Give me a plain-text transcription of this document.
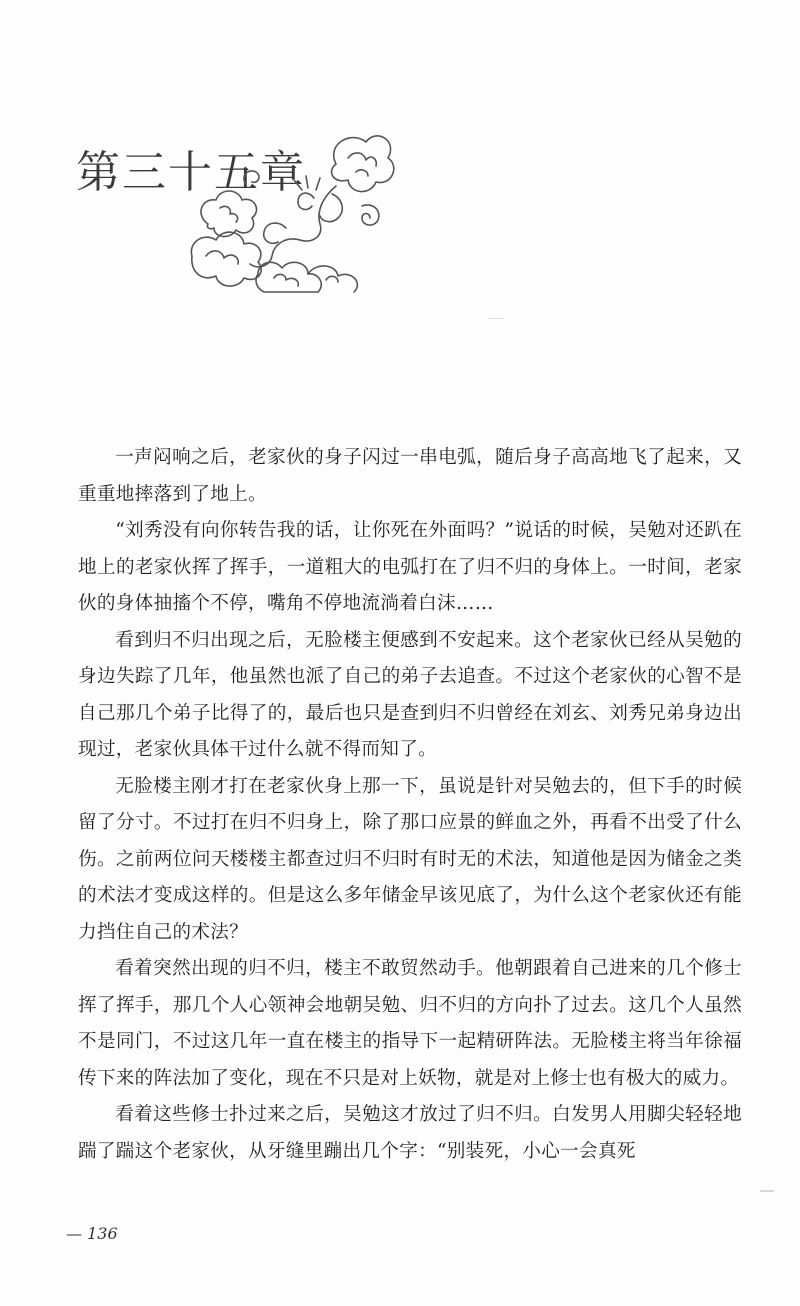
第三十五章

一声闷响之后，老家伙的身子闪过一串电弧，随后身子高高地飞了起来，又重重地摔落到了地上。

“刘秀没有向你转告我的话，让你死在外面吗？”说话的时候，吴勉对还趴在地上的老家伙挥了挥手，一道粗大的电弧打在了归不归的身体上。一时间，老家伙的身体抽搐个不停，嘴角不停地流淌着白沫……

看到归不归出现之后，无脸楼主便感到不安起来。这个老家伙已经从吴勉的身边失踪了几年，他虽然也派了自己的弟子去追查。不过这个老家伙的心智不是自己那几个弟子比得了的，最后也只是查到归不归曾经在刘玄、刘秀兄弟身边出现过，老家伙具体干过什么就不得而知了。

无脸楼主刚才打在老家伙身上那一下，虽说是针对吴勉去的，但下手的时候留了分寸。不过打在归不归身上，除了那口应景的鲜血之外，再看不出受了什么伤。之前两位问天楼楼主都查过归不归时有时无的术法，知道他是因为储金之类的术法才变成这样的。但是这么多年储金早该见底了，为什么这个老家伙还有能力挡住自己的术法？

看着突然出现的归不归，楼主不敢贸然动手。他朝跟着自己进来的几个修士挥了挥手，那几个人心领神会地朝吴勉、归不归的方向扑了过去。这几个人虽然不是同门，不过这几年一直在楼主的指导下一起精研阵法。无脸楼主将当年徐福传下来的阵法加了变化，现在不只是对上妖物，就是对上修士也有极大的威力。

看着这些修士扑过来之后，吴勉这才放过了归不归。白发男人用脚尖轻轻地踹了踹这个老家伙，从牙缝里蹦出几个字：“别装死，小心一会真死

— 136
